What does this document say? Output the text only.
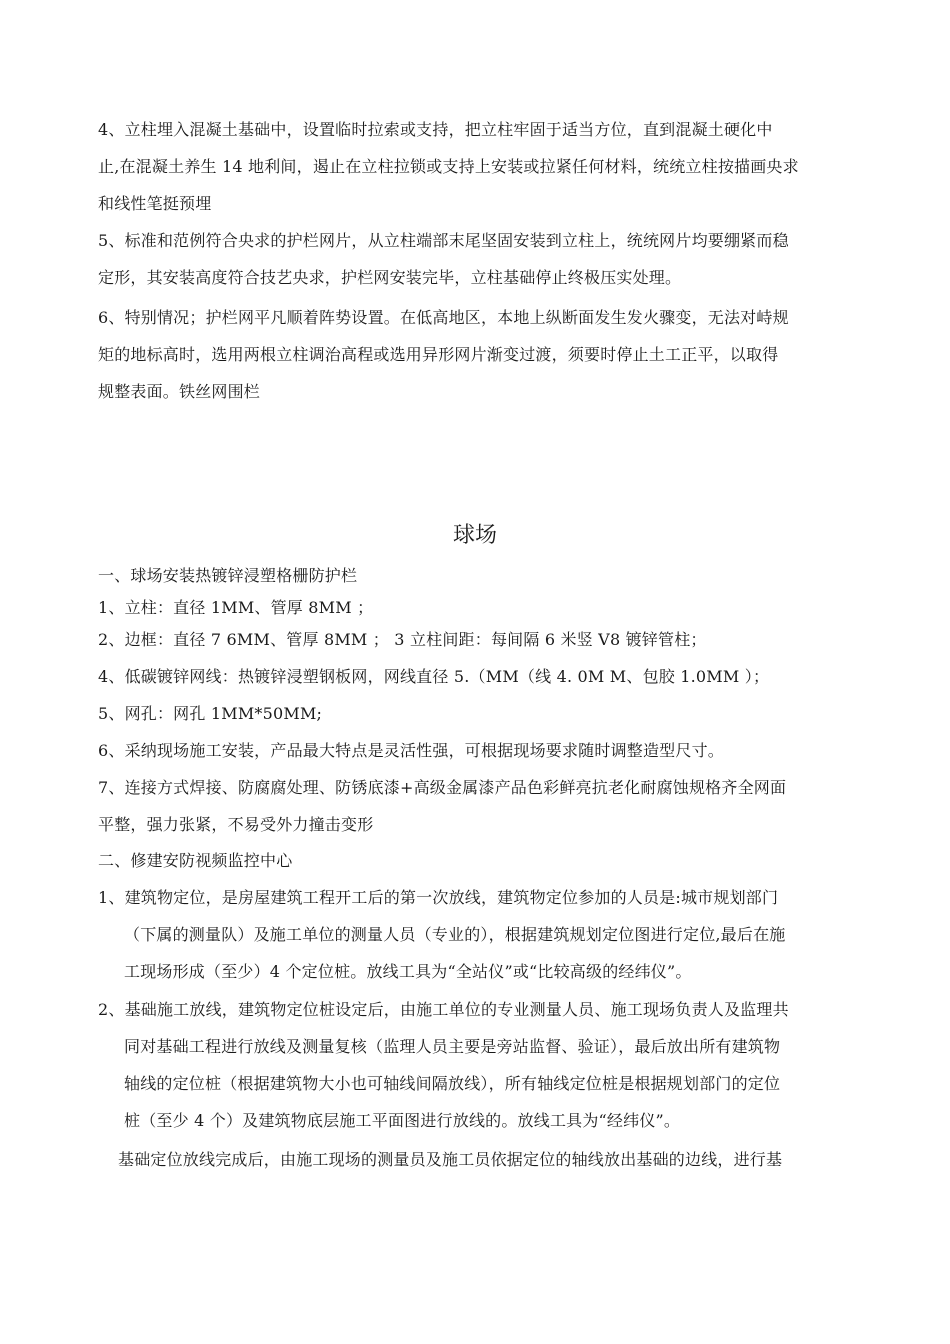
4、立柱埋入混凝土基础中，设置临时拉索或支持，把立柱牢固于适当方位，直到混凝土硬化中
止,在混凝土养生 14 地利间，遏止在立柱拉锁或支持上安装或拉紧任何材料，统统立柱按描画央求
和线性笔挺预埋
5、标准和范例符合央求的护栏网片，从立柱端部末尾坚固安装到立柱上，统统网片均要绷紧而稳
定形，其安装高度符合技艺央求，护栏网安装完毕，立柱基础停止终极压实处理。
6、特别情况；护栏网平凡顺着阵势设置。在低高地区，本地上纵断面发生发火骤变，无法对峙规
矩的地标高时，选用两根立柱调治高程或选用异形网片渐变过渡，须要时停止土工正平，以取得
规整表面。铁丝网围栏
球场
一、球场安装热镀锌浸塑格栅防护栏
1、立柱：直径 1MM、管厚 8MM ；
2、边框：直径 7 6MM、管厚 8MM ； 3 立柱间距：每间隔 6 米竖 V8 镀锌管柱；
4、低碳镀锌网线：热镀锌浸塑钢板网，网线直径 5.（MM（线 4. 0M M、包胶 1.0MM ）；
5、网孔：网孔 1MM*50MM;
6、采纳现场施工安装，产品最大特点是灵活性强，可根据现场要求随时调整造型尺寸。
7、连接方式焊接、防腐腐处理、防锈底漆+高级金属漆产品色彩鲜亮抗老化耐腐蚀规格齐全网面
平整，强力张紧，不易受外力撞击变形
二、修建安防视频监控中心
1、建筑物定位，是房屋建筑工程开工后的第一次放线，建筑物定位参加的人员是:城市规划部门
（下属的测量队）及施工单位的测量人员（专业的），根据建筑规划定位图进行定位,最后在施
工现场形成（至少）4 个定位桩。放线工具为“全站仪”或“比较高级的经纬仪”。
2、基础施工放线，建筑物定位桩设定后，由施工单位的专业测量人员、施工现场负责人及监理共
同对基础工程进行放线及测量复核（监理人员主要是旁站监督、验证），最后放出所有建筑物
轴线的定位桩（根据建筑物大小也可轴线间隔放线），所有轴线定位桩是根据规划部门的定位
桩（至少 4 个）及建筑物底层施工平面图进行放线的。放线工具为“经纬仪”。
基础定位放线完成后，由施工现场的测量员及施工员依据定位的轴线放出基础的边线，进行基
